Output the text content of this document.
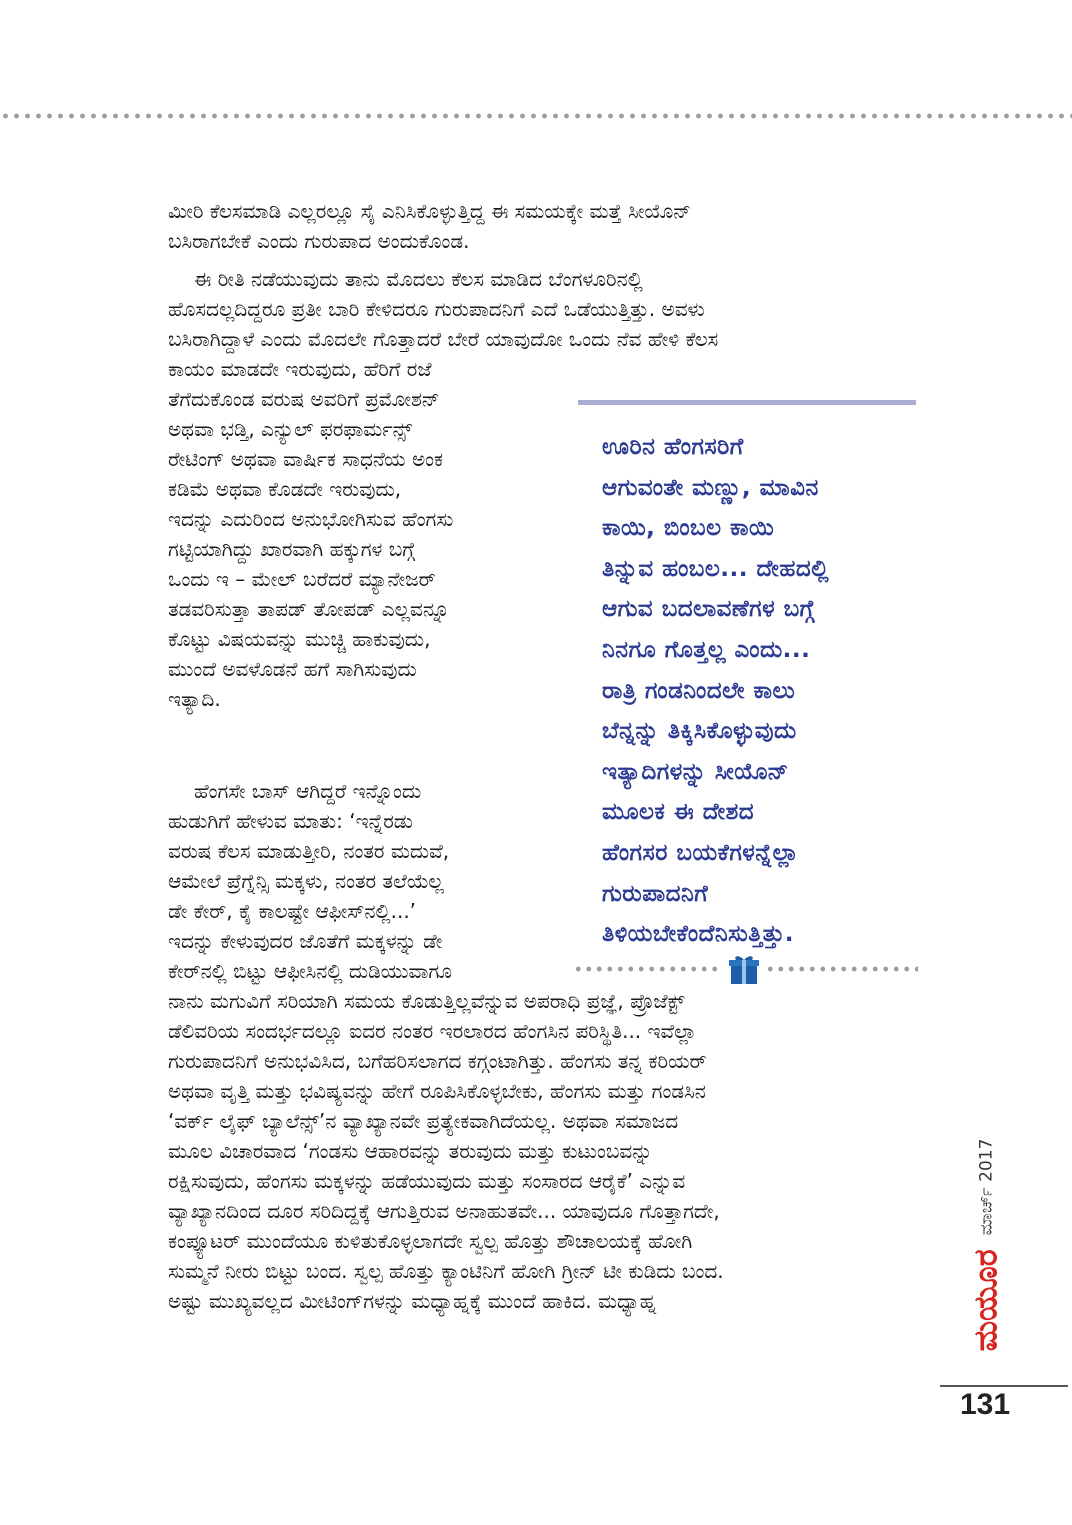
ಮೀರಿ ಕೆಲಸಮಾಡಿ ಎಲ್ಲರಲ್ಲೂ ಸೈ ಎನಿಸಿಕೊಳ್ಳುತ್ತಿದ್ದ ಈ ಸಮಯಕ್ಕೇ ಮತ್ತೆ ಸೀಯೊನ್
ಬಸಿರಾಗಬೇಕೆ ಎಂದು ಗುರುಪಾದ ಅಂದುಕೊಂಡ.
ಈ ರೀತಿ ನಡೆಯುವುದು ತಾನು ಮೊದಲು ಕೆಲಸ ಮಾಡಿದ ಬೆಂಗಳೂರಿನಲ್ಲಿ
ಹೊಸದಲ್ಲದಿದ್ದರೂ ಪ್ರತೀ ಬಾರಿ ಕೇಳಿದರೂ ಗುರುಪಾದನಿಗೆ ಎದೆ ಒಡೆಯುತ್ತಿತ್ತು. ಅವಳು
ಬಸಿರಾಗಿದ್ದಾಳೆ ಎಂದು ಮೊದಲೇ ಗೊತ್ತಾದರೆ ಬೇರೆ ಯಾವುದೋ ಒಂದು ನೆವ ಹೇಳಿ ಕೆಲಸ
ಕಾಯಂ ಮಾಡದೇ ಇರುವುದು, ಹೆರಿಗೆ ರಜೆ
ತೆಗೆದುಕೊಂಡ ವರುಷ ಅವರಿಗೆ ಪ್ರಮೋಶನ್
ಅಥವಾ ಭಡ್ತಿ, ಎನ್ಯುಲ್ ಫರಫಾರ್ಮನ್ಸ್
ರೇಟಿಂಗ್ ಅಥವಾ ವಾರ್ಷಿಕ ಸಾಧನೆಯ ಅಂಕ
ಕಡಿಮೆ ಅಥವಾ ಕೊಡದೇ ಇರುವುದು,
ಇದನ್ನು ಎದುರಿಂದ ಅನುಭೋಗಿಸುವ ಹೆಂಗಸು
ಗಟ್ಟಿಯಾಗಿದ್ದು ಖಾರವಾಗಿ ಹಕ್ಕುಗಳ ಬಗ್ಗೆ
ಒಂದು ಇ – ಮೇಲ್ ಬರೆದರೆ ಮ್ಯಾನೇಜರ್
ತಡವರಿಸುತ್ತಾ ತಾಪಡ್ ತೋಪಡ್ ಎಲ್ಲವನ್ನೂ
ಕೊಟ್ಟು ವಿಷಯವನ್ನು ಮುಚ್ಚಿ ಹಾಕುವುದು,
ಮುಂದೆ ಅವಳೊಡನೆ ಹಗೆ ಸಾಗಿಸುವುದು
ಇತ್ಯಾದಿ.
ಹೆಂಗಸೇ ಬಾಸ್ ಆಗಿದ್ದರೆ ಇನ್ನೊಂದು
ಹುಡುಗಿಗೆ ಹೇಳುವ ಮಾತು: ‘ಇನ್ನೆರಡು
ವರುಷ ಕೆಲಸ ಮಾಡುತ್ತೀರಿ, ನಂತರ ಮದುವೆ,
ಆಮೇಲೆ ಪ್ರೆಗ್ನೆನ್ಸಿ ಮಕ್ಕಳು, ನಂತರ ತಲೆಯೆಲ್ಲ
ಡೇ ಕೇರ್, ಕೈ ಕಾಲಷ್ಟೇ ಆಫೀಸ್‌ನಲ್ಲಿ...’
ಇದನ್ನು ಕೇಳುವುದರ ಜೊತೆಗೆ ಮಕ್ಕಳನ್ನು ಡೇ
ಕೇರ್‌ನಲ್ಲಿ ಬಿಟ್ಟು ಆಫೀಸಿನಲ್ಲಿ ದುಡಿಯುವಾಗೂ
ನಾನು ಮಗುವಿಗೆ ಸರಿಯಾಗಿ ಸಮಯ ಕೊಡುತ್ತಿಲ್ಲವೆನ್ನುವ ಅಪರಾಧಿ ಪ್ರಜ್ಞೆ, ಪ್ರೊಜೆಕ್ಟ್
ಡೆಲಿವರಿಯ ಸಂದರ್ಭದಲ್ಲೂ ಐದರ ನಂತರ ಇರಲಾರದ ಹೆಂಗಸಿನ ಪರಿಸ್ಥಿತಿ... ಇವೆಲ್ಲಾ
ಗುರುಪಾದನಿಗೆ ಅನುಭವಿಸಿದ, ಬಗೆಹರಿಸಲಾಗದ ಕಗ್ಗಂಟಾಗಿತ್ತು. ಹೆಂಗಸು ತನ್ನ ಕರಿಯರ್
ಅಥವಾ ವೃತ್ತಿ ಮತ್ತು ಭವಿಷ್ಯವನ್ನು ಹೇಗೆ ರೂಪಿಸಿಕೊಳ್ಳಬೇಕು, ಹೆಂಗಸು ಮತ್ತು ಗಂಡಸಿನ
‘ವರ್ಕ್ ಲೈಫ್ ಬ್ಯಾಲೆನ್ಸ್’ನ ವ್ಯಾಖ್ಯಾನವೇ ಪ್ರತ್ಯೇಕವಾಗಿದೆಯಲ್ಲ. ಅಥವಾ ಸಮಾಜದ
ಮೂಲ ವಿಚಾರವಾದ ‘ಗಂಡಸು ಆಹಾರವನ್ನು ತರುವುದು ಮತ್ತು ಕುಟುಂಬವನ್ನು
ರಕ್ಷಿಸುವುದು, ಹೆಂಗಸು ಮಕ್ಕಳನ್ನು ಹಡೆಯುವುದು ಮತ್ತು ಸಂಸಾರದ ಆರೈಕೆ’ ಎನ್ನುವ
ವ್ಯಾಖ್ಯಾನದಿಂದ ದೂರ ಸರಿದಿದ್ದಕ್ಕೆ ಆಗುತ್ತಿರುವ ಅನಾಹುತವೇ... ಯಾವುದೂ ಗೊತ್ತಾಗದೇ,
ಕಂಪ್ಯೂಟರ್ ಮುಂದೆಯೂ ಕುಳಿತುಕೊಳ್ಳಲಾಗದೇ ಸ್ವಲ್ಪ ಹೊತ್ತು ಶೌಚಾಲಯಕ್ಕೆ ಹೋಗಿ
ಸುಮ್ಮನೆ ನೀರು ಬಿಟ್ಟು ಬಂದ. ಸ್ವಲ್ಪ ಹೊತ್ತು ಕ್ಯಾಂಟಿನಿಗೆ ಹೋಗಿ ಗ್ರೀನ್ ಟೀ ಕುಡಿದು ಬಂದ.
ಅಷ್ಟು ಮುಖ್ಯವಲ್ಲದ ಮೀಟಿಂಗ್‌ಗಳನ್ನು ಮಧ್ಯಾಹ್ನಕ್ಕೆ ಮುಂದೆ ಹಾಕಿದ. ಮಧ್ಯಾಹ್ನ
ಊರಿನ ಹೆಂಗಸರಿಗೆ
ಆಗುವಂತೇ ಮಣ್ಣು, ಮಾವಿನ
ಕಾಯಿ, ಬಿಂಬಲ ಕಾಯಿ
ತಿನ್ನುವ ಹಂಬಲ... ದೇಹದಲ್ಲಿ
ಆಗುವ ಬದಲಾವಣೆಗಳ ಬಗ್ಗೆ
ನಿನಗೂ ಗೊತ್ತಲ್ಲ ಎಂದು...
ರಾತ್ರಿ ಗಂಡನಿಂದಲೇ ಕಾಲು
ಬೆನ್ನನ್ನು ತಿಕ್ಕಿಸಿಕೊಳ್ಳುವುದು
ಇತ್ಯಾದಿಗಳನ್ನು ಸೀಯೊನ್
ಮೂಲಕ ಈ ದೇಶದ
ಹೆಂಗಸರ ಬಯಕೆಗಳನ್ನೆಲ್ಲಾ
ಗುರುಪಾದನಿಗೆ
ತಿಳಿಯಬೇಕೆಂದೆನಿಸುತ್ತಿತ್ತು.
ಮಯೂರ
ಮಾರ್ಚ್ 2017
131
